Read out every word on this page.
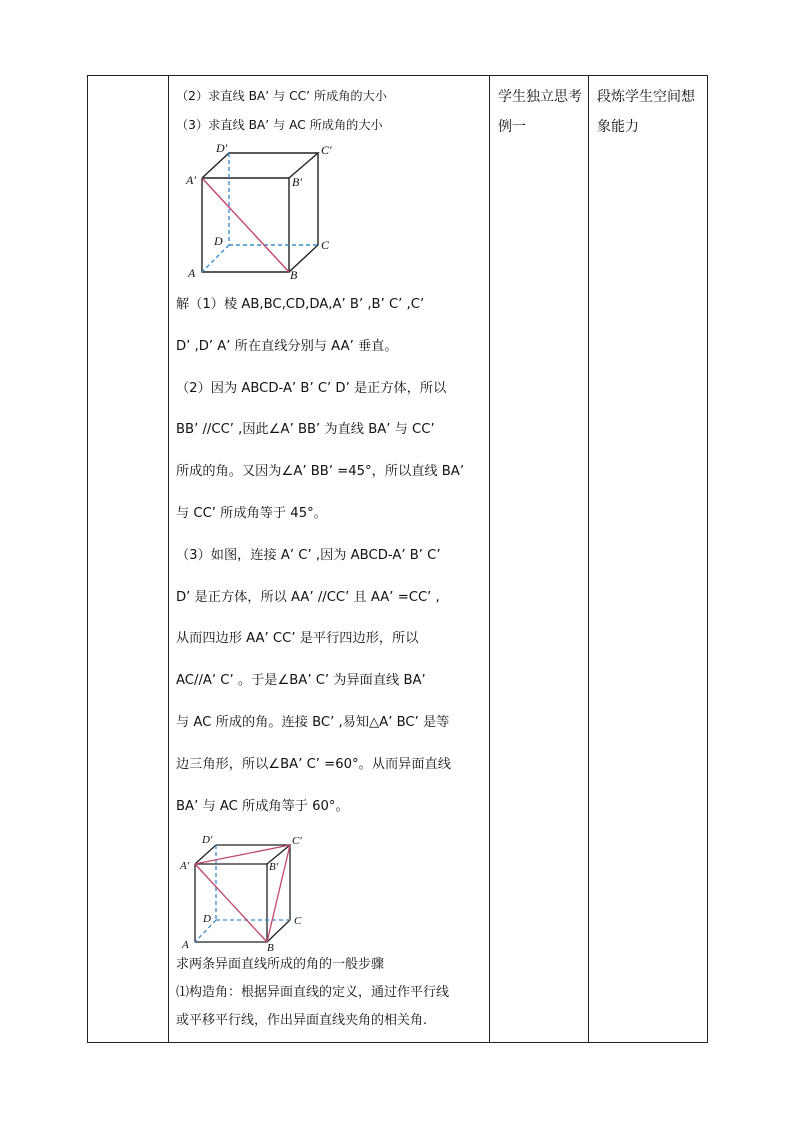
（2）求直线 BA’ 与 CC’ 所成角的大小

（3）求直线 BA’ 与 AC 所成角的大小

D′	C′
A′	B′
D	C
A	B

解（1）棱 AB,BC,CD,DA,A’ B’ ,B’ C’ ,C’

D’ ,D’ A’ 所在直线分别与 AA’ 垂直。

（2）因为 ABCD-A’ B’ C’ D’ 是正方体，所以

BB’ //CC’ ,因此∠A’ BB’ 为直线 BA’ 与 CC’

所成的角。又因为∠A’ BB’ =45°，所以直线 BA’

与 CC’ 所成角等于 45°。

（3）如图，连接 A’ C’ ,因为 ABCD-A’ B’ C’

D’ 是正方体，所以 AA’ //CC’ 且 AA’ =CC’ ,

从而四边形 AA’ CC’ 是平行四边形，所以

AC//A’ C’ 。于是∠BA’ C’ 为异面直线 BA’

与 AC 所成的角。连接 BC’ ,易知△A’ BC’ 是等

边三角形，所以∠BA’ C’ =60°。从而异面直线

BA’ 与 AC 所成角等于 60°。

D′	C′
A′	B′
D	C
A	B

求两条异面直线所成的角的一般步骤

⑴构造角：根据异面直线的定义，通过作平行线

或平移平行线，作出异面直线夹角的相关角.

学生独立思考
例一

段炼学生空间想
象能力
